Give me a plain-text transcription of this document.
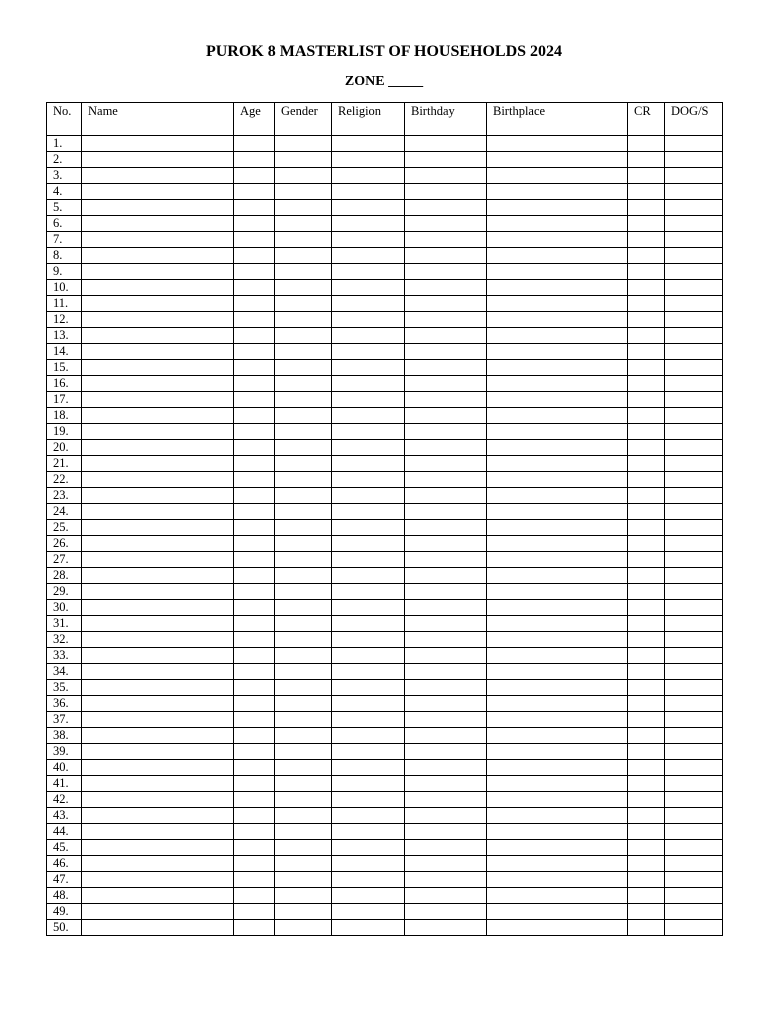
PUROK 8 MASTERLIST OF HOUSEHOLDS 2024
ZONE _____
No.	Name	Age	Gender	Religion	Birthday	Birthplace	CR	DOG/S
1.								
2.								
3.								
4.								
5.								
6.								
7.								
8.								
9.								
10.								
11.								
12.								
13.								
14.								
15.								
16.								
17.								
18.								
19.								
20.								
21.								
22.								
23.								
24.								
25.								
26.								
27.								
28.								
29.								
30.								
31.								
32.								
33.								
34.								
35.								
36.								
37.								
38.								
39.								
40.								
41.								
42.								
43.								
44.								
45.								
46.								
47.								
48.								
49.								
50.								
